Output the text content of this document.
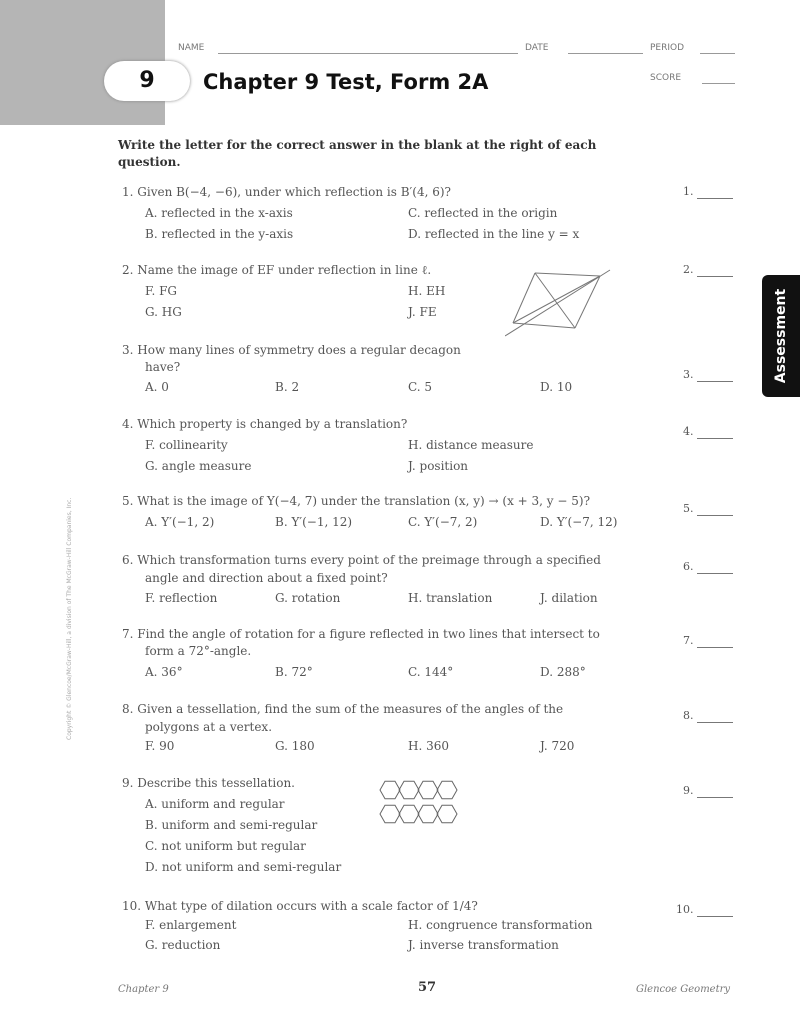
9	Chapter 9 Test, Form 2A
NAME	DATE	PERIOD
SCORE
Assessment
Write the letter for the correct answer in the blank at the right of each question.
Chapter 9	57	Glencoe Geometry
Copyright © Glencoe/McGraw-Hill, a division of The McGraw-Hill Companies, Inc.
1. Given B(−4, −6), under which reflection is B′(4, 6)?
A. reflected in the x-axis	C. reflected in the origin
B. reflected in the y-axis	D. reflected in the line y = x
1.
2. Name the image of EF under reflection in line ℓ.
F. FG	H. EH
G. HG	J. FE
2.
3. How many lines of symmetry does a regular decagon
have?
A. 0	B. 2	C. 5	D. 10
3.
4. Which property is changed by a translation?
F. collinearity	H. distance measure
G. angle measure	J. position
4.
5. What is the image of Y(−4, 7) under the translation (x, y) → (x + 3, y − 5)?
A. Y′(−1, 2)	B. Y′(−1, 12)	C. Y′(−7, 2)	D. Y′(−7, 12)
5.
6. Which transformation turns every point of the preimage through a specified
angle and direction about a fixed point?
F. reflection	G. rotation	H. translation	J. dilation
6.
7. Find the angle of rotation for a figure reflected in two lines that intersect to
form a 72°-angle.
A. 36°	B. 72°	C. 144°	D. 288°
7.
8. Given a tessellation, find the sum of the measures of the angles of the
polygons at a vertex.
F. 90	G. 180	H. 360	J. 720
8.
9. Describe this tessellation.
A. uniform and regular
B. uniform and semi-regular
C. not uniform but regular
D. not uniform and semi-regular
9.
10. What type of dilation occurs with a scale factor of 1/4?
F. enlargement	H. congruence transformation
G. reduction	J. inverse transformation
10.
